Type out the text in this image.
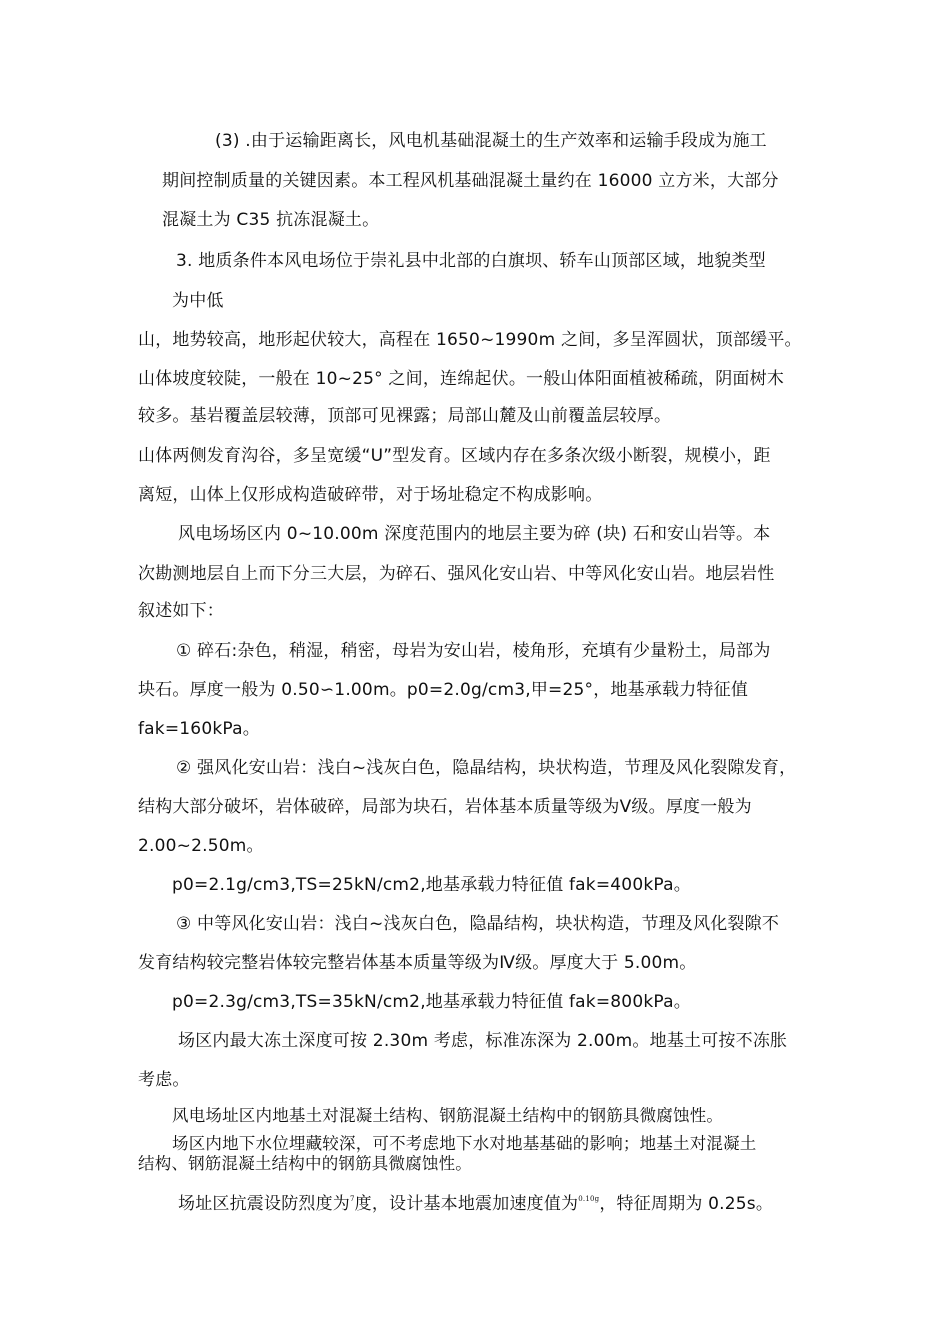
(3) .由于运输距离长，风电机基础混凝土的生产效率和运输手段成为施工
期间控制质量的关键因素。本工程风机基础混凝土量约在 16000 立方米，大部分
混凝土为 C35 抗冻混凝土。
3. 地质条件本风电场位于崇礼县中北部的白旗坝、轿车山顶部区域，地貌类型
为中低
山，地势较高，地形起伏较大，高程在 1650~1990m 之间，多呈浑圆状，顶部缓平。
山体坡度较陡，一般在 10~25° 之间，连绵起伏。一般山体阳面植被稀疏，阴面树木
较多。基岩覆盖层较薄，顶部可见裸露；局部山麓及山前覆盖层较厚。
山体两侧发育沟谷，多呈宽缓“U”型发育。区域内存在多条次级小断裂，规模小，距
离短，山体上仅形成构造破碎带，对于场址稳定不构成影响。
风电场场区内 0~10.00m 深度范围内的地层主要为碎 (块) 石和安山岩等。本
次勘测地层自上而下分三大层，为碎石、强风化安山岩、中等风化安山岩。地层岩性
叙述如下：
① 碎石:杂色，稍湿，稍密，母岩为安山岩，棱角形，充填有少量粉土，局部为
块石。厚度一般为 0.50∽1.00m。p0=2.0g/cm3,甲=25°，地基承载力特征值
fak=160kPa。
② 强风化安山岩：浅白~浅灰白色，隐晶结构，块状构造，节理及风化裂隙发育，
结构大部分破坏，岩体破碎，局部为块石，岩体基本质量等级为Ⅴ级。厚度一般为
2.00~2.50m。
p0=2.1g/cm3,TS=25kN/cm2,地基承载力特征值 fak=400kPa。
③ 中等风化安山岩：浅白~浅灰白色，隐晶结构，块状构造，节理及风化裂隙不
发育结构较完整岩体较完整岩体基本质量等级为Ⅳ级。厚度大于 5.00m。
p0=2.3g/cm3,TS=35kN/cm2,地基承载力特征值 fak=800kPa。
场区内最大冻土深度可按 2.30m 考虑，标准冻深为 2.00m。地基土可按不冻胀
考虑。
风电场址区内地基土对混凝土结构、钢筋混凝土结构中的钢筋具微腐蚀性。
场区内地下水位埋藏较深，可不考虑地下水对地基基础的影响；地基土对混凝土
结构、钢筋混凝土结构中的钢筋具微腐蚀性。
场址区抗震设防烈度为$^7$度，设计基本地震加速度值为$^{0.10g}$，特征周期为 0.25s。
